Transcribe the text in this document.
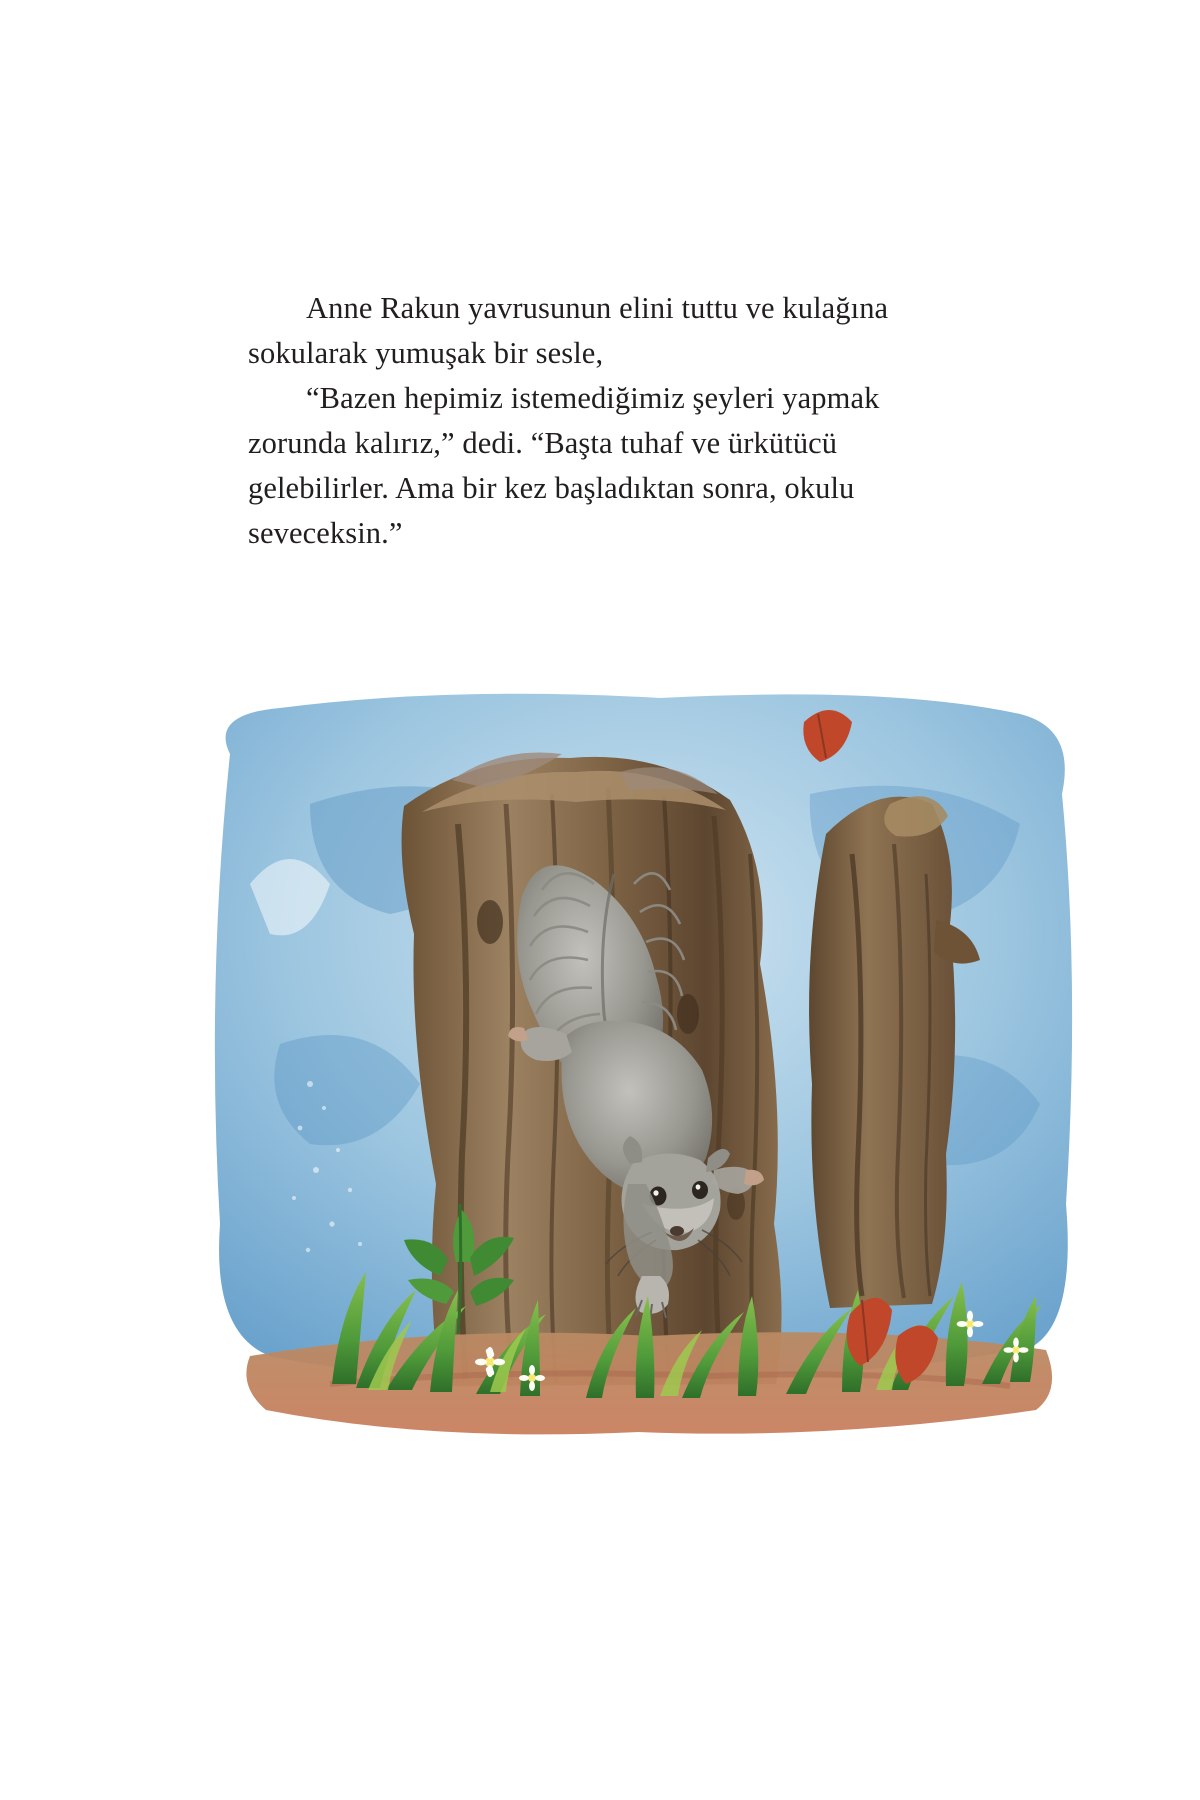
Anne Rakun yavrusunun elini tuttu ve kulağına sokularak yumuşak bir sesle,

“Bazen hepimiz istemediğimiz şeyleri yapmak zorunda kalırız,” dedi. “Başta tuhaf ve ürkütücü gelebilirler. Ama bir kez başladıktan sonra, okulu seveceksin.”
